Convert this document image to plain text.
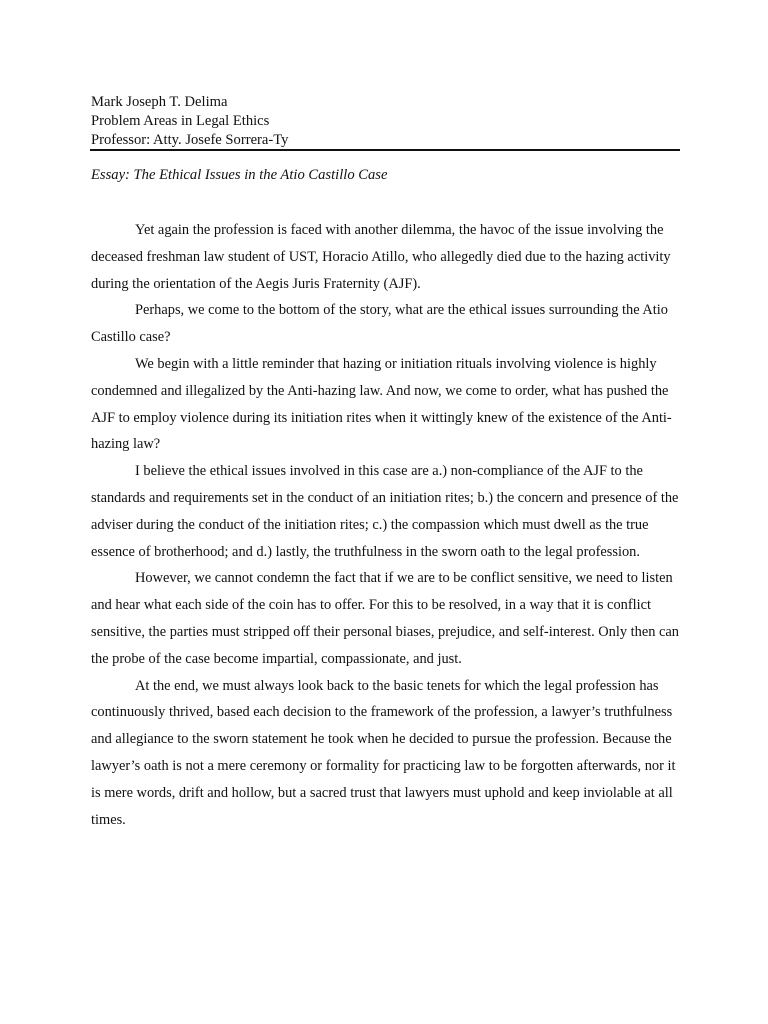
Mark Joseph T. Delima
Problem Areas in Legal Ethics
Professor: Atty. Josefe Sorrera-Ty
Essay: The Ethical Issues in the Atio Castillo Case

Yet again the profession is faced with another dilemma, the havoc of the issue involving the deceased freshman law student of UST, Horacio Atillo, who allegedly died due to the hazing activity during the orientation of the Aegis Juris Fraternity (AJF).

Perhaps, we come to the bottom of the story, what are the ethical issues surrounding the Atio Castillo case?

We begin with a little reminder that hazing or initiation rituals involving violence is highly condemned and illegalized by the Anti-hazing law. And now, we come to order, what has pushed the AJF to employ violence during its initiation rites when it wittingly knew of the existence of the Anti-hazing law?

I believe the ethical issues involved in this case are a.) non-compliance of the AJF to the standards and requirements set in the conduct of an initiation rites; b.) the concern and presence of the adviser during the conduct of the initiation rites; c.) the compassion which must dwell as the true essence of brotherhood; and d.) lastly, the truthfulness in the sworn oath to the legal profession.

However, we cannot condemn the fact that if we are to be conflict sensitive, we need to listen and hear what each side of the coin has to offer. For this to be resolved, in a way that it is conflict sensitive, the parties must stripped off their personal biases, prejudice, and self-interest. Only then can the probe of the case become impartial, compassionate, and just.

At the end, we must always look back to the basic tenets for which the legal profession has continuously thrived, based each decision to the framework of the profession, a lawyer’s truthfulness and allegiance to the sworn statement he took when he decided to pursue the profession. Because the lawyer’s oath is not a mere ceremony or formality for practicing law to be forgotten afterwards, nor it is mere words, drift and hollow, but a sacred trust that lawyers must uphold and keep inviolable at all times.
